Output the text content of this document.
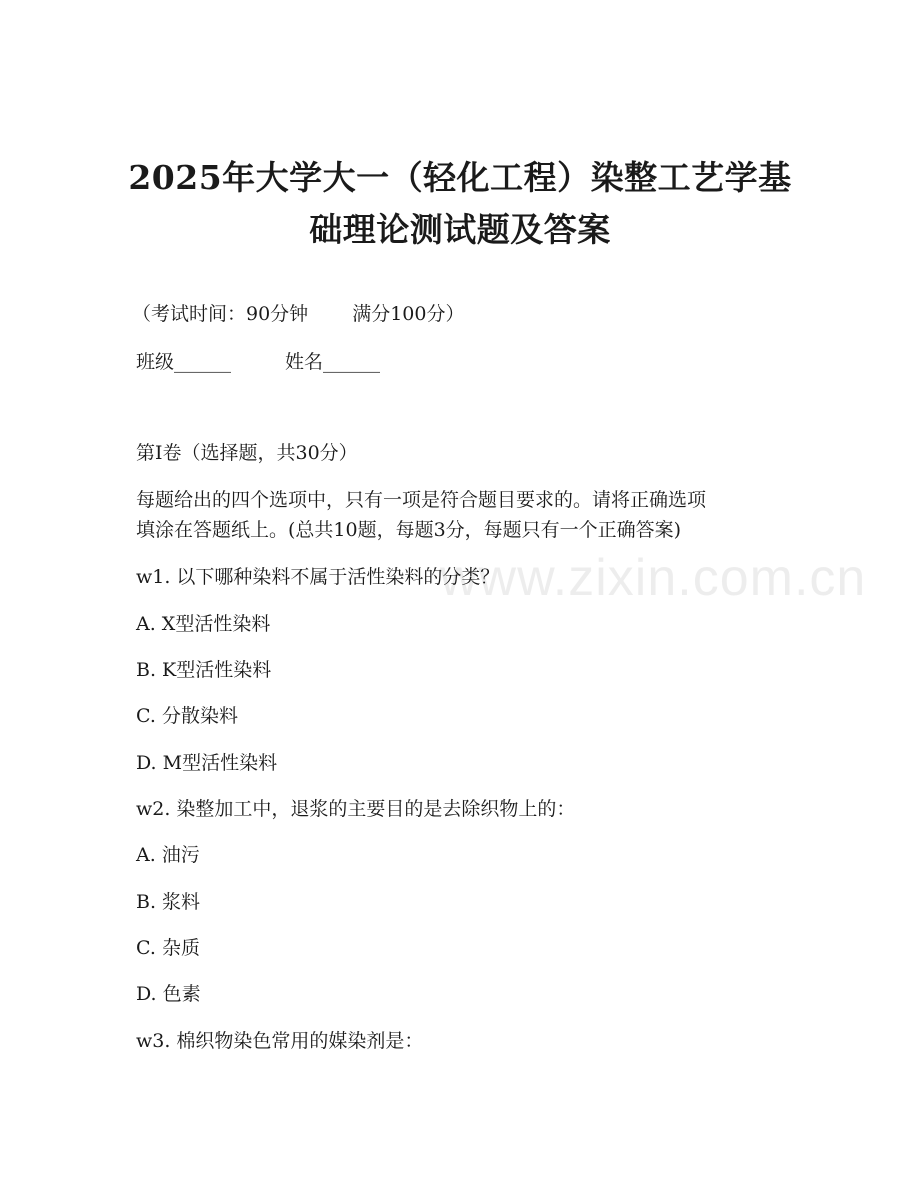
2025年大学大一（轻化工程）染整工艺学基
础理论测试题及答案
（考试时间：90分钟 满分100分）
班级______	姓名______
第I卷（选择题，共30分）
每题给出的四个选项中，只有一项是符合题目要求的。请将正确选项
填涂在答题纸上。(总共10题，每题3分，每题只有一个正确答案)
w1. 以下哪种染料不属于活性染料的分类？
A. X型活性染料
B. K型活性染料
C. 分散染料
D. M型活性染料
w2. 染整加工中，退浆的主要目的是去除织物上的：
A. 油污
B. 浆料
C. 杂质
D. 色素
w3. 棉织物染色常用的媒染剂是：
www.zixin.com.cn
